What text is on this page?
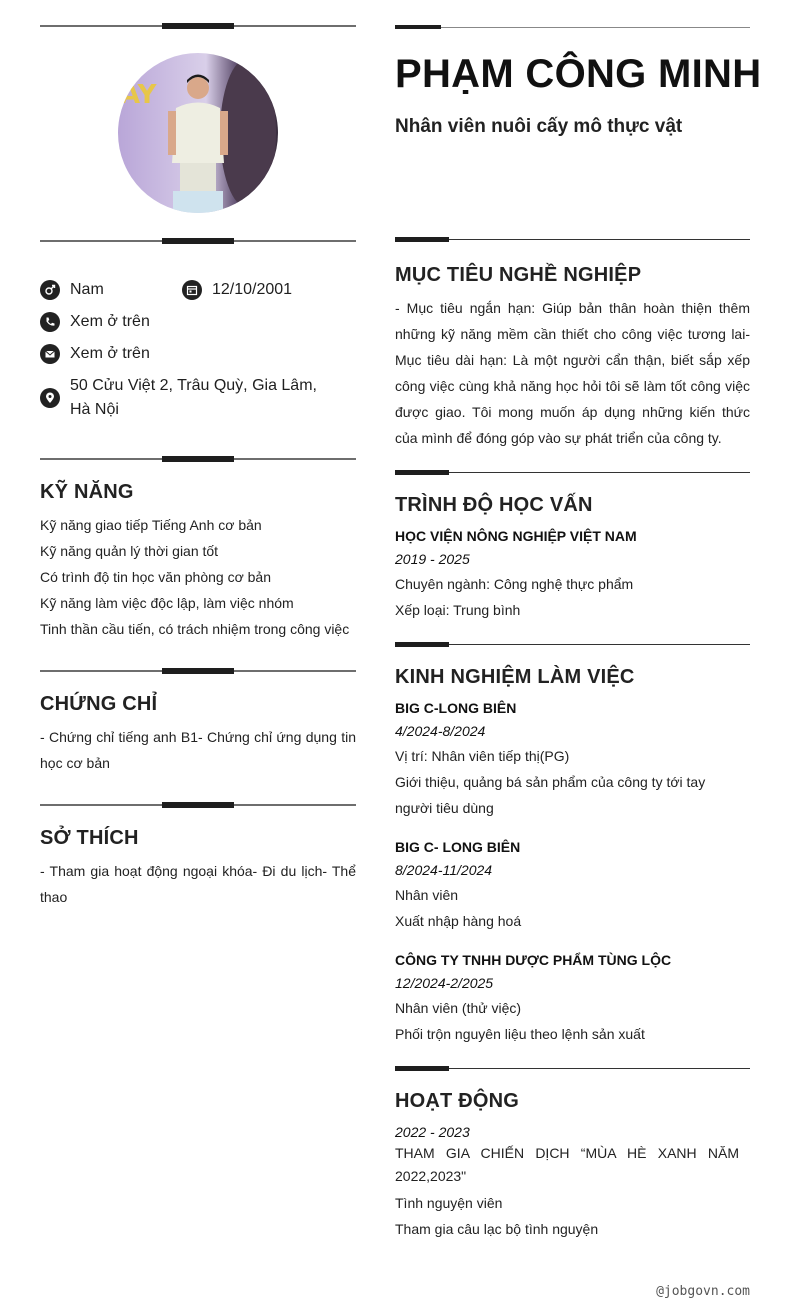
AY
Nam	12/10/2001
Xem ở trên
Xem ở trên
50 Cửu Việt 2, Trâu Quỳ, Gia Lâm, Hà Nội
KỸ NĂNG
Kỹ năng giao tiếp Tiếng Anh cơ bản
Kỹ năng quản lý thời gian tốt
Có trình độ tin học văn phòng cơ bản
Kỹ năng làm việc độc lập, làm việc nhóm
Tinh thần cầu tiến, có trách nhiệm trong công việc
CHỨNG CHỈ
- Chứng chỉ tiếng anh B1- Chứng chỉ ứng dụng tin học cơ bản
SỞ THÍCH
- Tham gia hoạt động ngoại khóa- Đi du lịch- Thể thao
PHẠM CÔNG MINH
Nhân viên nuôi cấy mô thực vật
MỤC TIÊU NGHỀ NGHIỆP
- Mục tiêu ngắn hạn: Giúp bản thân hoàn thiện thêm những kỹ năng mềm cần thiết cho công việc tương lai- Mục tiêu dài hạn: Là một người cẩn thận, biết sắp xếp công việc cùng khả năng học hỏi tôi sẽ làm tốt công việc được giao. Tôi mong muốn áp dụng những kiến thức của mình để đóng góp vào sự phát triển của công ty.
TRÌNH ĐỘ HỌC VẤN
HỌC VIỆN NÔNG NGHIỆP VIỆT NAM
2019 - 2025
Chuyên ngành: Công nghệ thực phẩm
Xếp loại: Trung bình
KINH NGHIỆM LÀM VIỆC
BIG C-LONG BIÊN
4/2024-8/2024
Vị trí: Nhân viên tiếp thị(PG)
Giới thiệu, quảng bá sản phẩm của công ty tới tay người tiêu dùng
BIG C- LONG BIÊN
8/2024-11/2024
Nhân viên
Xuất nhập hàng hoá
CÔNG TY TNHH DƯỢC PHẨM TÙNG LỘC
12/2024-2/2025
Nhân viên (thử việc)
Phối trộn nguyên liệu theo lệnh sản xuất
HOẠT ĐỘNG
2022 - 2023
THAM GIA CHIẾN DỊCH “MÙA HÈ XANH NĂM 2022,2023"
Tình nguyện viên
Tham gia câu lạc bộ tình nguyện
@jobgovn.com
